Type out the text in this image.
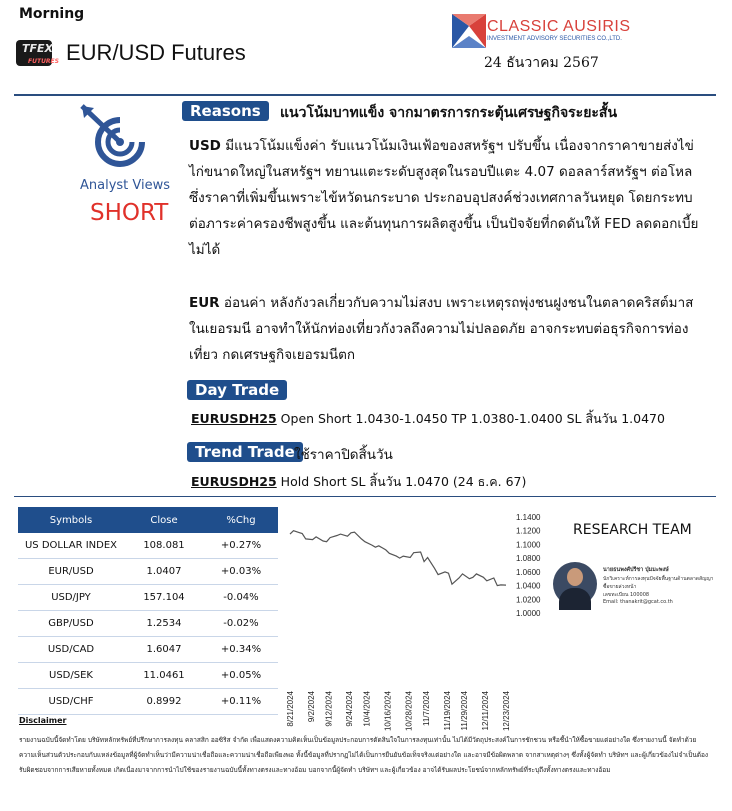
Morning
TFEX
FUTURES EUR/USD Futures
CLASSIC AUSIRIS
INVESTMENT ADVISORY SECURITIES CO.,LTD.
24 ธันวาคม 2567
Analyst Views
SHORT
Reasons	แนวโน้มบาทแข็ง จากมาตรการกระตุ้นเศรษฐกิจระยะสั้น
USD มีแนวโน้มแข็งค่า รับแนวโน้มเงินเฟ้อของสหรัฐฯ ปรับขึ้น เนื่องจากราคาขายส่งไข่ไก่ขนาดใหญ่ในสหรัฐฯ ทยานแตะระดับสูงสุดในรอบปีแตะ 4.07 ดอลลาร์สหรัฐฯ ต่อโหล ซึ่งราคาที่เพิ่มขึ้นเพราะไข้หวัดนกระบาด ประกอบอุปสงค์ช่วงเทศกาลวันหยุด โดยกระทบต่อภาระค่าครองชีพสูงขึ้น และต้นทุนการผลิตสูงขึ้น เป็นปัจจัยที่กดดันให้ FED ลดดอกเบี้ยไม่ได้
EUR อ่อนค่า หลังกังวลเกี่ยวกับความไม่สงบ เพราะเหตุรถพุ่งชนฝูงชนในตลาดคริสต์มาสในเยอรมนี อาจทำให้นักท่องเที่ยวกังวลถึงความไม่ปลอดภัย อาจกระทบต่อธุรกิจการท่องเที่ยว กดเศรษฐกิจเยอรมนีตก
Day Trade
EURUSDH25 Open Short 1.0430-1.0450 TP 1.0380-1.0400 SL สิ้นวัน 1.0470
Trend Trade ใช้ราคาปิดสิ้นวัน
EURUSDH25 Hold Short SL สิ้นวัน 1.0470 (24 ธ.ค. 67)
Symbols	Close	%Chg
US DOLLAR INDEX	108.081	+0.27%
EUR/USD	1.0407	+0.03%
USD/JPY	157.104	-0.04%
GBP/USD	1.2534	-0.02%
USD/CAD	1.6047	+0.34%
USD/SEK	11.0461	+0.05%
USD/CHF	0.8992	+0.11%
1.1400
1.1200
1.1000
1.0800
1.0600
1.0400
1.0200
1.0000
8/21/2024 9/2/2024 9/12/2024 9/24/2024 10/4/2024 10/16/2024 10/28/2024 11/7/2024 11/19/2024 11/29/2024 12/11/2024 12/23/2024
RESEARCH TEAM
นายธนพงศ์ปรีชา ปุ่มมะพงษ์
นักวิเคราะห์การลงทุนปัจจัยพื้นฐานด้านตลาดสัญญาซื้อขายล่วงหน้า
เลขทะเบียน 100008
Email: thanakrit@gcat.co.th
Disclaimer
รายงานฉบับนี้จัดทำโดย บริษัทหลักทรัพย์ที่ปรึกษาการลงทุน คลาสสิก ออซิริส จำกัด เพื่อแสดงความคิดเห็นเป็นข้อมูลประกอบการตัดสินใจในการลงทุนเท่านั้น ไม่ได้มีวัตถุประสงค์ในการชักชวน หรือชี้นำให้ซื้อขายแต่อย่างใด ซึ่งรายงานนี้ จัดทำด้วยความเห็นส่วนตัวประกอบกับแหล่งข้อมูลที่ผู้จัดทำเห็นว่ามีความน่าเชื่อถือและความน่าเชื่อถือเพียงพอ ทั้งนี้ข้อมูลที่ปรากฏไม่ได้เป็นการยืนยันข้อเท็จจริงแต่อย่างใด และอาจมีข้อผิดพลาด จากสาเหตุต่างๆ ซึ่งทั้งผู้จัดทำ บริษัทฯ และผู้เกี่ยวข้องไม่จำเป็นต้องรับผิดชอบจากการเสียหายทั้งหมด เกิดเนื่องมาจากการนำไปใช้ของรายงานฉบับนี้ทั้งทางตรงและทางอ้อม บอกจากนี้ผู้จัดทำ บริษัทฯ และผู้เกี่ยวข้อง อาจได้รับผลประโยชน์จากหลักทรัพย์ที่ระบุถึงทั้งทางตรงและทางอ้อม
